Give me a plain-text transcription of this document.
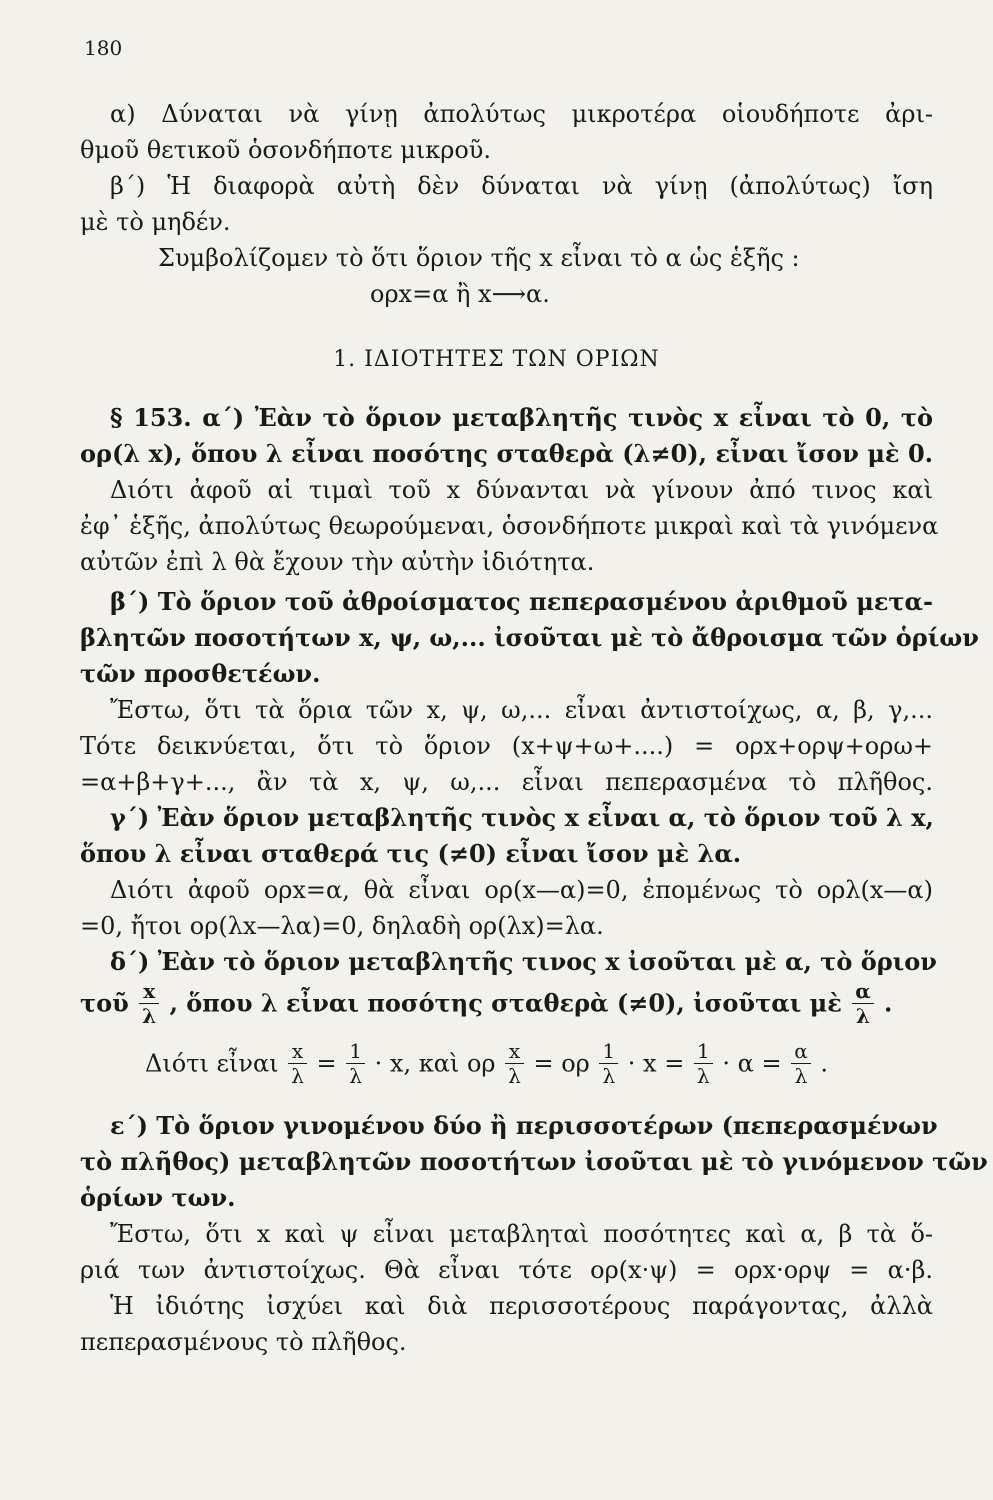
180
α) Δύναται νὰ γίνῃ ἀπολύτως μικροτέρα οἱουδήποτε ἀρι-
θμοῦ θετικοῦ ὁσονδήποτε μικροῦ.
β΄) Ἡ διαφορὰ αὐτὴ δὲν δύναται νὰ γίνῃ (ἀπολύτως) ἴση
μὲ τὸ μηδέν.
Συμβολίζομεν τὸ ὅτι ὅριον τῆς x εἶναι τὸ α ὡς ἑξῆς :
ορx=α ἢ x⟶α.
1. ΙΔΙΟΤΗΤΕΣ ΤΩΝ ΟΡΙΩΝ
§ 153. α΄) Ἐὰν τὸ ὅριον μεταβλητῆς τινὸς x εἶναι τὸ 0, τὸ
ορ(λ x), ὅπου λ εἶναι ποσότης σταθερὰ (λ≠0), εἶναι ἴσον μὲ 0.
Διότι ἀφοῦ αἱ τιμαὶ τοῦ x δύνανται νὰ γίνουν ἀπό τινος καὶ
ἐφ᾽ ἑξῆς, ἀπολύτως θεωρούμεναι, ὁσονδήποτε μικραὶ καὶ τὰ γινόμενα
αὐτῶν ἐπὶ λ θὰ ἔχουν τὴν αὐτὴν ἰδιότητα.
β΄) Τὸ ὅριον τοῦ ἀθροίσματος πεπερασμένου ἀριθμοῦ μετα-
βλητῶν ποσοτήτων x, ψ, ω,... ἰσοῦται μὲ τὸ ἄθροισμα τῶν ὁρίων
τῶν προσθετέων.
Ἔστω, ὅτι τὰ ὅρια τῶν x, ψ, ω,... εἶναι ἀντιστοίχως, α, β, γ,...
Τότε δεικνύεται, ὅτι τὸ ὅριον (x+ψ+ω+....) = ορx+ορψ+ορω+
=α+β+γ+..., ἂν τὰ x, ψ, ω,... εἶναι πεπερασμένα τὸ πλῆθος.
γ΄) Ἐὰν ὅριον μεταβλητῆς τινὸς x εἶναι α, τὸ ὅριον τοῦ λ x,
ὅπου λ εἶναι σταθερά τις (≠0) εἶναι ἴσον μὲ λα.
Διότι ἀφοῦ ορx=α, θὰ εἶναι ορ(x—α)=0, ἐπομένως τὸ ορλ(x—α)
=0, ἤτοι ορ(λx—λα)=0, δηλαδὴ ορ(λx)=λα.
δ΄) Ἐὰν τὸ ὅριον μεταβλητῆς τινος x ἰσοῦται μὲ α, τὸ ὅριον
τοῦ $\frac{x}{\lambda}$ , ὅπου λ εἶναι ποσότης σταθερὰ (≠0), ἰσοῦται μὲ $\frac{\alpha}{\lambda}$ .
Διότι εἶναι $\frac{x}{\lambda} = \frac{1}{\lambda} \cdot x$, καὶ ορ $\frac{x}{\lambda} = o\rho \frac{1}{\lambda} \cdot x = \frac{1}{\lambda} \cdot \alpha = \frac{\alpha}{\lambda}$ .
ε΄) Τὸ ὅριον γινομένου δύο ἢ περισσοτέρων (πεπερασμένων
τὸ πλῆθος) μεταβλητῶν ποσοτήτων ἰσοῦται μὲ τὸ γινόμενον τῶν
ὁρίων των.
Ἔστω, ὅτι x καὶ ψ εἶναι μεταβληταὶ ποσότητες καὶ α, β τὰ ὅ-
ριά των ἀντιστοίχως. Θὰ εἶναι τότε ορ(x·ψ) = ορx·ορψ = α·β.
Ἡ ἰδιότης ἰσχύει καὶ διὰ περισσοτέρους παράγοντας, ἀλλὰ
πεπερασμένους τὸ πλῆθος.
